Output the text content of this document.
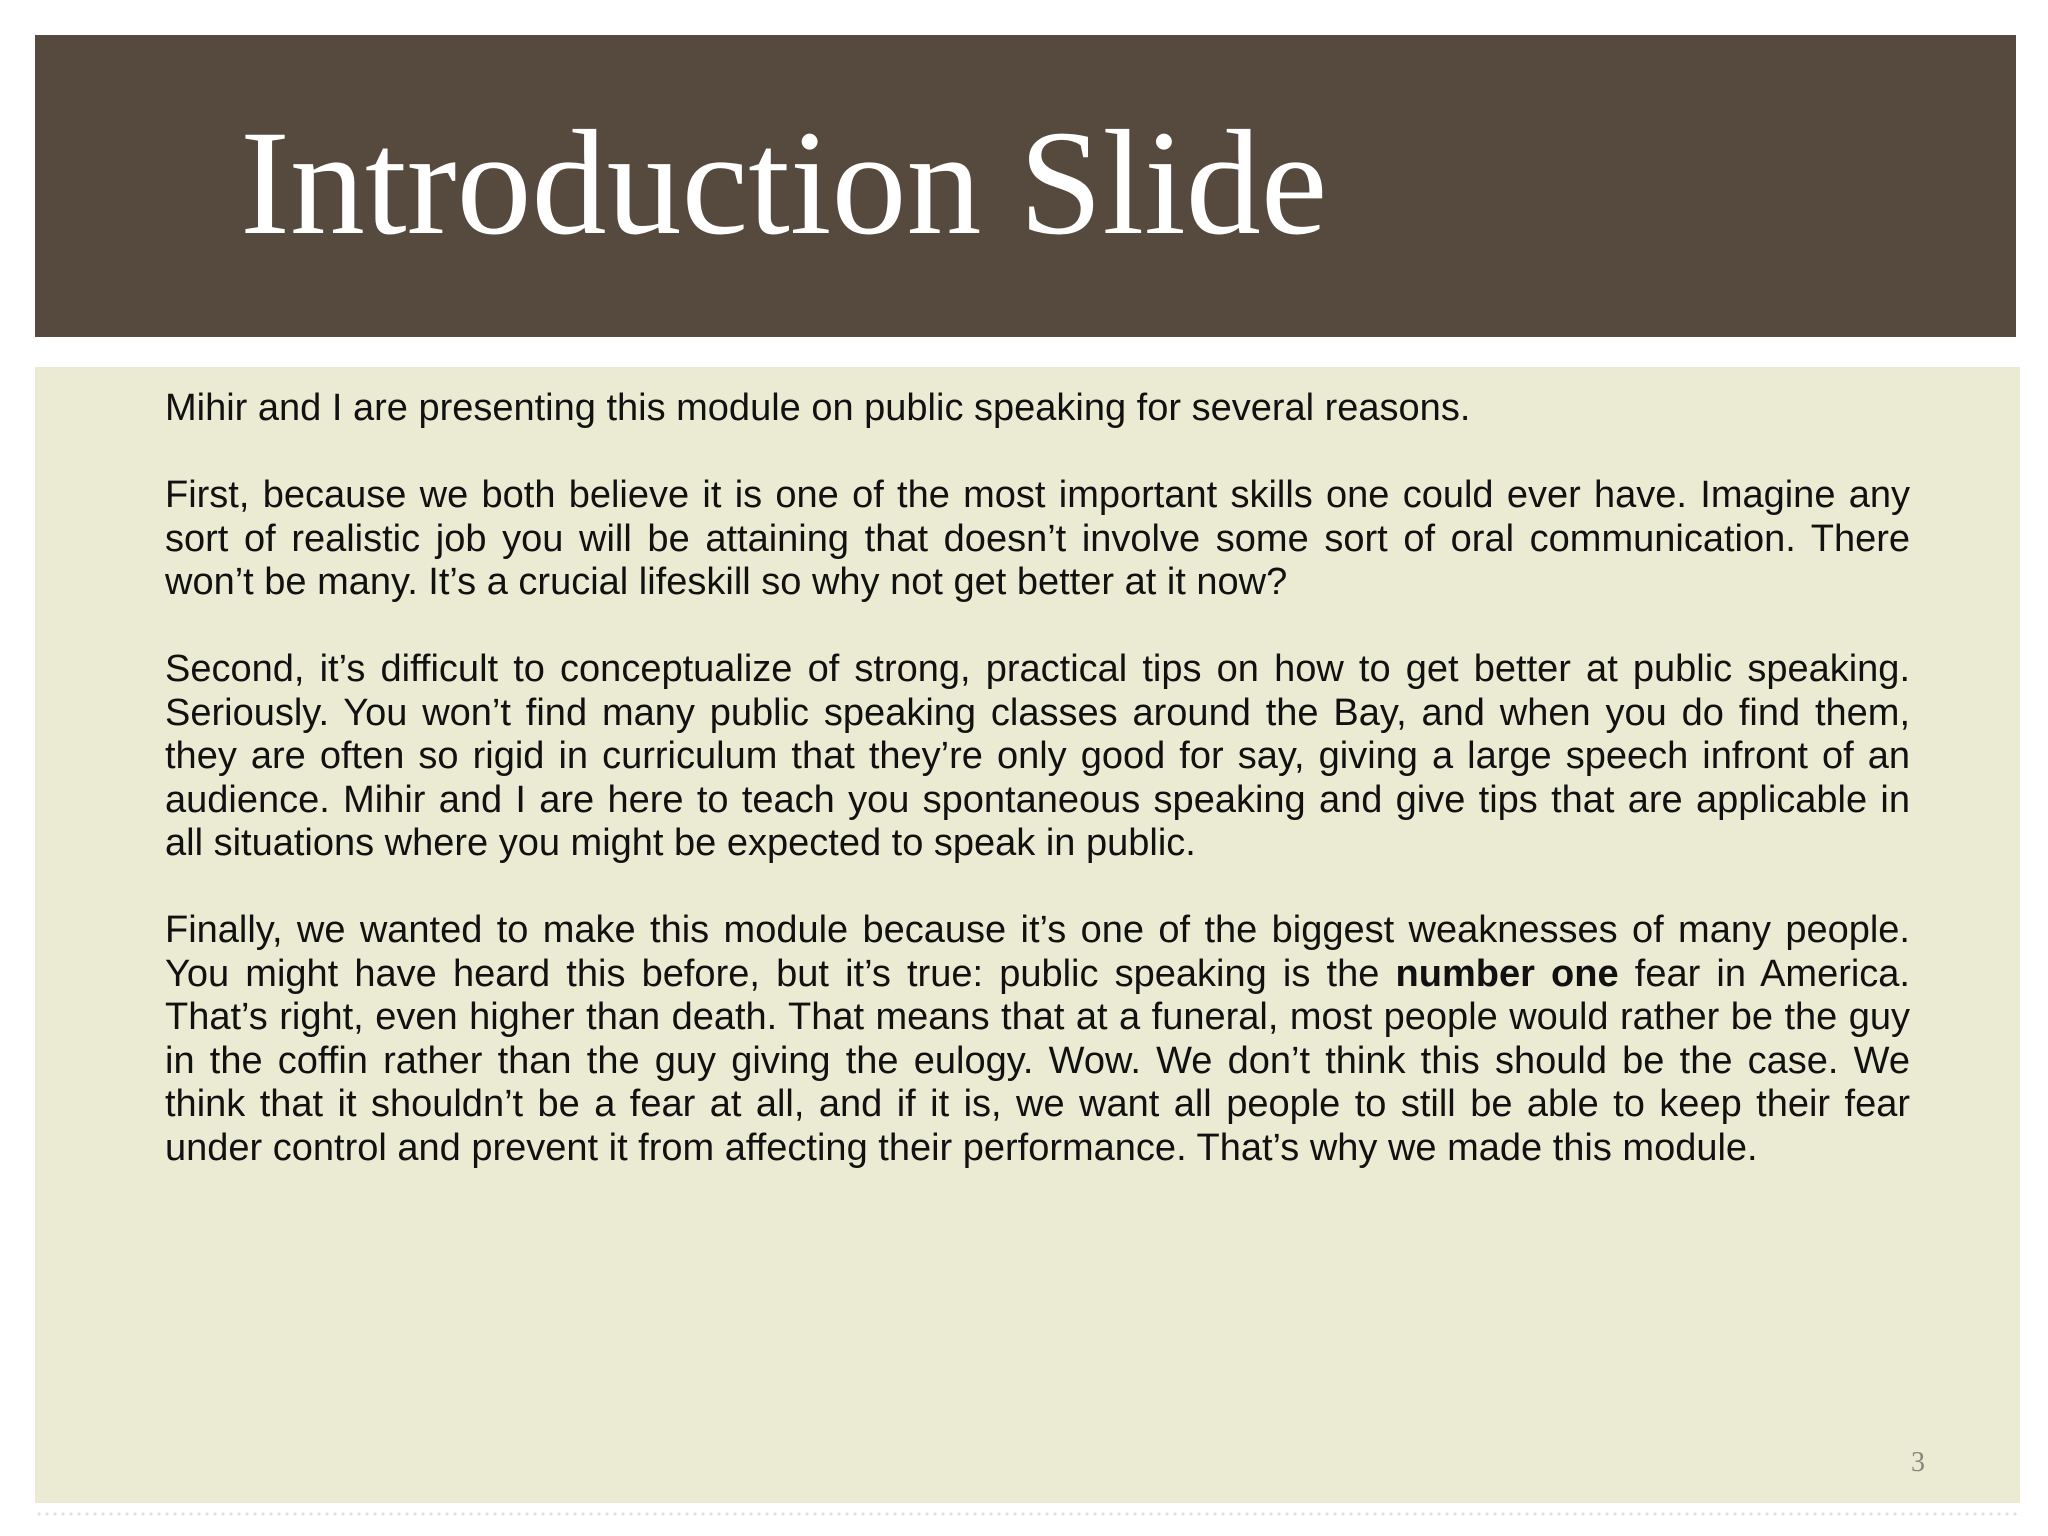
Introduction Slide

Mihir and I are presenting this module on public speaking for several reasons.

First, because we both believe it is one of the most important skills one could ever have. Imagine any sort of realistic job you will be attaining that doesn’t involve some sort of oral communication. There won’t be many. It’s a crucial lifeskill so why not get better at it now?

Second, it’s difficult to conceptualize of strong, practical tips on how to get better at public speaking. Seriously. You won’t find many public speaking classes around the Bay, and when you do find them, they are often so rigid in curriculum that they’re only good for say, giving a large speech infront of an audience. Mihir and I are here to teach you spontaneous speaking and give tips that are applicable in all situations where you might be expected to speak in public.

Finally, we wanted to make this module because it’s one of the biggest weaknesses of many people. You might have heard this before, but it’s true: public speaking is the number one fear in America. That’s right, even higher than death. That means that at a funeral, most people would rather be the guy in the coffin rather than the guy giving the eulogy. Wow. We don’t think this should be the case. We think that it shouldn’t be a fear at all, and if it is, we want all people to still be able to keep their fear under control and prevent it from affecting their performance. That’s why we made this module.

3
